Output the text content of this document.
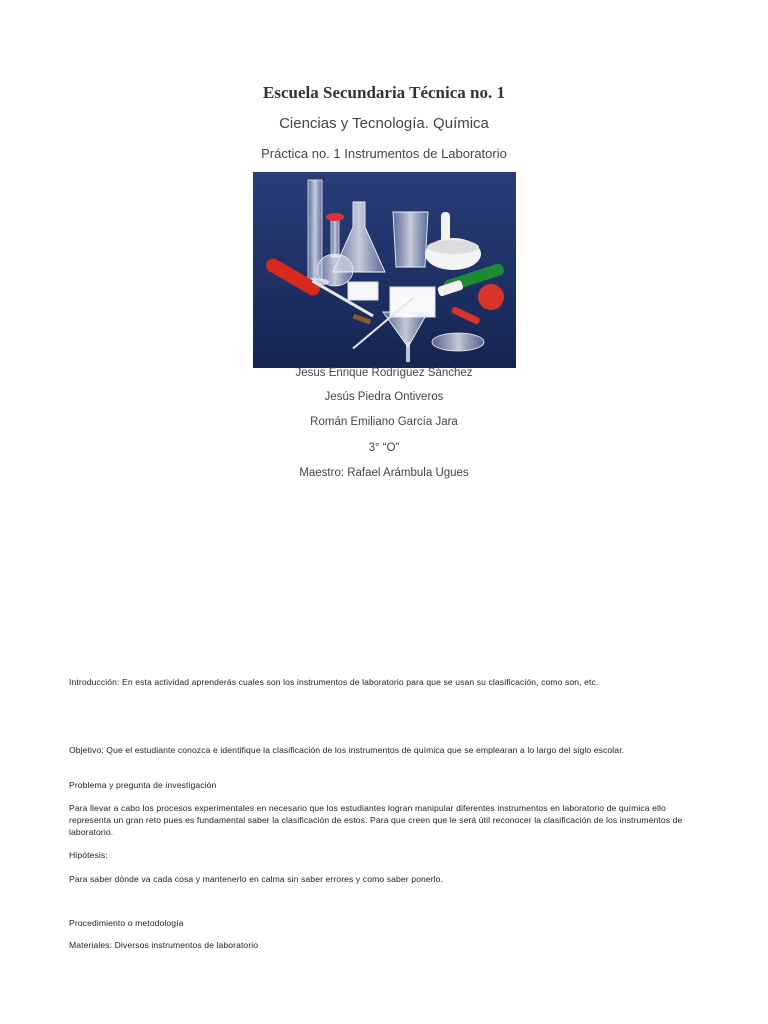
Escuela Secundaria Técnica no. 1
Ciencias y Tecnología. Química
Práctica no. 1 Instrumentos de Laboratorio
Jesús Enrique Rodríguez Sánchez
Jesús Piedra Ontiveros
Román Emiliano García Jara
3° “O”
Maestro: Rafael Arámbula Ugues
Introducción: En esta actividad aprenderás cuales son los instrumentos de laboratorio para que se usan su clasificación, como son, etc.
Objetivo: Que el estudiante conozca e identifique la clasificación de los instrumentos de química que se emplearan a lo largo del siglo escolar.
Problema y pregunta de investigación
Para llevar a cabo los procesos experimentales en necesario que los estudiantes logran manipular diferentes instrumentos en laboratorio de química ello representa un gran reto pues es fundamental saber la clasificación de estos. Para que creen que le será útil reconocer la clasificación de los instrumentos de laboratorio.
Hipótesis:
Para saber dónde va cada cosa y mantenerlo en calma sin saber errores y como saber ponerlo.
Procedimiento o metodología
Materiales: Diversos instrumentos de laboratorio
